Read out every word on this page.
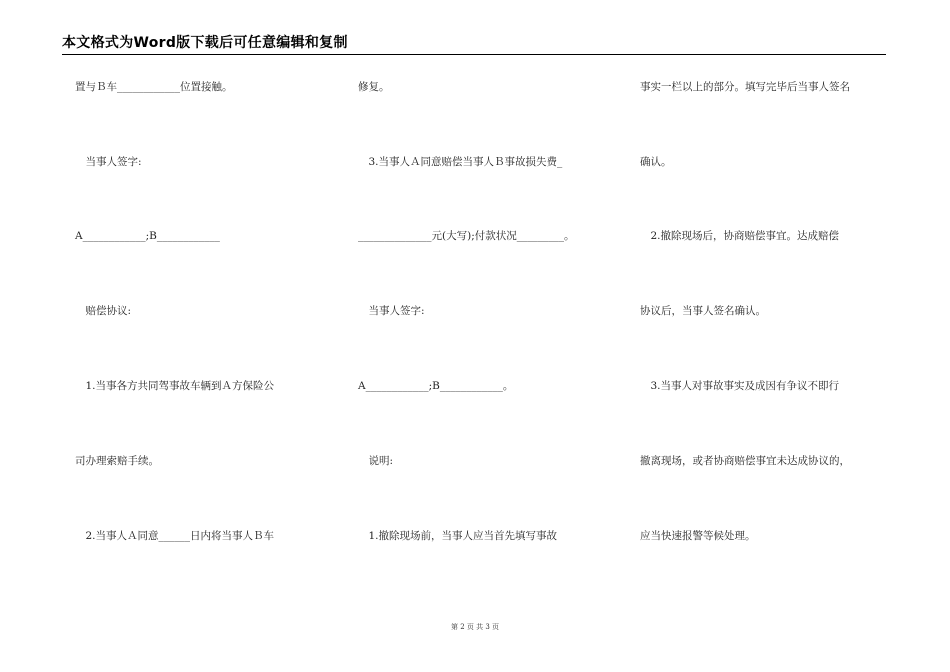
本文格式为Word版下载后可任意编辑和复制
置与Ｂ车____________位置接触。
　当事人签字:
A____________;B____________
　赔偿协议:
　1.当事各方共同驾事故车辆到Ａ方保险公
司办理索赔手续。
　2.当事人Ａ同意______日内将当事人Ｂ车
修复。
　3.当事人Ａ同意赔偿当事人Ｂ事故损失费_
______________元(大写);付款状况_________。
　当事人签字:
A____________;B____________。
　说明:
　1.撤除现场前，当事人应当首先填写事故
事实一栏以上的部分。填写完毕后当事人签名
确认。
　2.撤除现场后，协商赔偿事宜。达成赔偿
协议后，当事人签名确认。
　3.当事人对事故事实及成因有争议不即行
撤离现场，或者协商赔偿事宜未达成协议的，
应当快速报警等候处理。
第 2 页 共 3 页
